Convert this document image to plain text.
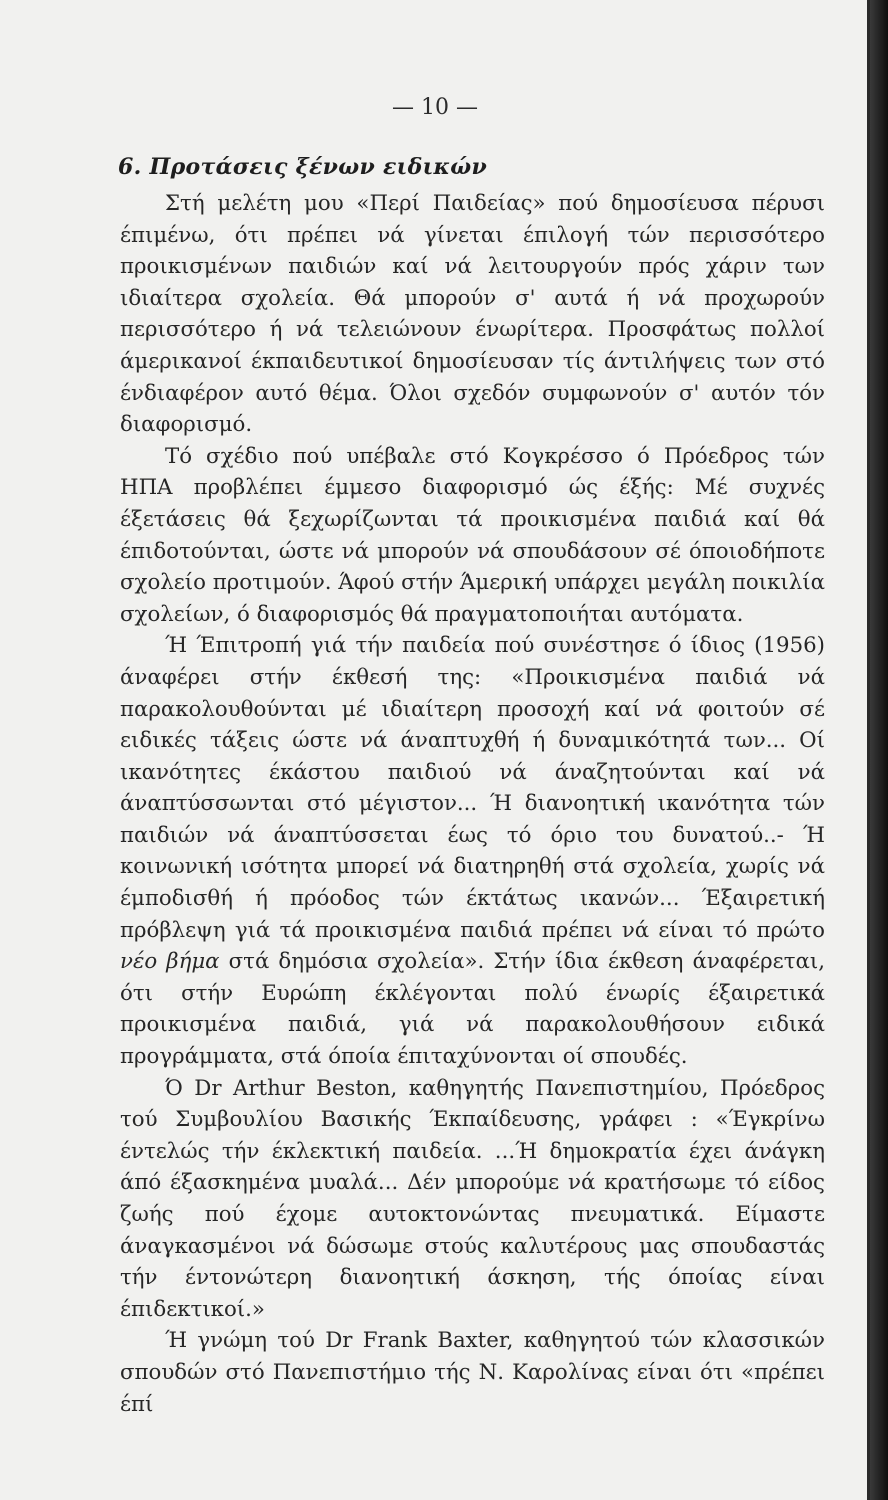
— 10 —
6. Προτάσεις ξένων ειδικών

Στή μελέτη μου «Περί Παιδείας» πού δημοσίευσα πέρυσι έπιμένω, ότι πρέπει νά γίνεται έπιλογή τών περισσότερο προικισμένων παιδιών καί νά λειτουργούν πρός χάριν των ιδιαίτερα σχολεία. Θά μπορούν σ' αυτά ή νά προχωρούν περισσότερο ή νά τελειώνουν ένωρίτερα. Προσφάτως πολλοί άμερικανοί έκπαιδευτικοί δημοσίευσαν τίς άντιλήψεις των στό ένδιαφέρον αυτό θέμα. Όλοι σχεδόν συμφωνούν σ' αυτόν τόν διαφορισμό.

Τό σχέδιο πού υπέβαλε στό Κογκρέσσο ό Πρόεδρος τών ΗΠΑ προβλέπει έμμεσο διαφορισμό ώς έξής: Μέ συχνές έξετάσεις θά ξεχωρίζωνται τά προικισμένα παιδιά καί θά έπιδοτούνται, ώστε νά μπορούν νά σπουδάσουν σέ όποιοδήποτε σχολείο προτιμούν. Άφού στήν Άμερική υπάρχει μεγάλη ποικιλία σχολείων, ό διαφορισμός θά πραγματοποιήται αυτόματα.

Ή Έπιτροπή γιά τήν παιδεία πού συνέστησε ό ίδιος (1956) άναφέρει στήν έκθεσή της: «Προικισμένα παιδιά νά παρακολουθούνται μέ ιδιαίτερη προσοχή καί νά φοιτούν σέ ειδικές τάξεις ώστε νά άναπτυχθή ή δυναμικότητά των... Οί ικανότητες έκάστου παιδιού νά άναζητούνται καί νά άναπτύσσωνται στό μέγιστον... Ή διανοητική ικανότητα τών παιδιών νά άναπτύσσεται έως τό όριο του δυνατού..- Ή κοινωνική ισότητα μπορεί νά διατηρηθή στά σχολεία, χωρίς νά έμποδισθή ή πρόοδος τών έκτάτως ικανών... Έξαιρετική πρόβλεψη γιά τά προικισμένα παιδιά πρέπει νά είναι τό πρώτο νέο βήμα στά δημόσια σχολεία». Στήν ίδια έκθεση άναφέρεται, ότι στήν Ευρώπη έκλέγονται πολύ ένωρίς έξαιρετικά προικισμένα παιδιά, γιά νά παρακολουθήσουν ειδικά προγράμματα, στά όποία έπιταχύνονται οί σπουδές.

Ό Dr Arthur Beston, καθηγητής Πανεπιστημίου, Πρόεδρος τού Συμβουλίου Βασικής Έκπαίδευσης, γράφει : «Έγκρίνω έντελώς τήν έκλεκτική παιδεία. ...Ή δημοκρατία έχει άνάγκη άπό έξασκημένα μυαλά... Δέν μπορούμε νά κρατήσωμε τό είδος ζωής πού έχομε αυτοκτονώντας πνευματικά. Είμαστε άναγκασμένοι νά δώσωμε στούς καλυτέρους μας σπουδαστάς τήν έντονώτερη διανοητική άσκηση, τής όποίας είναι έπιδεκτικοί.»

Ή γνώμη τού Dr Frank Baxter, καθηγητού τών κλασσικών σπουδών στό Πανεπιστήμιο τής Ν. Καρολίνας είναι ότι «πρέπει έπί
